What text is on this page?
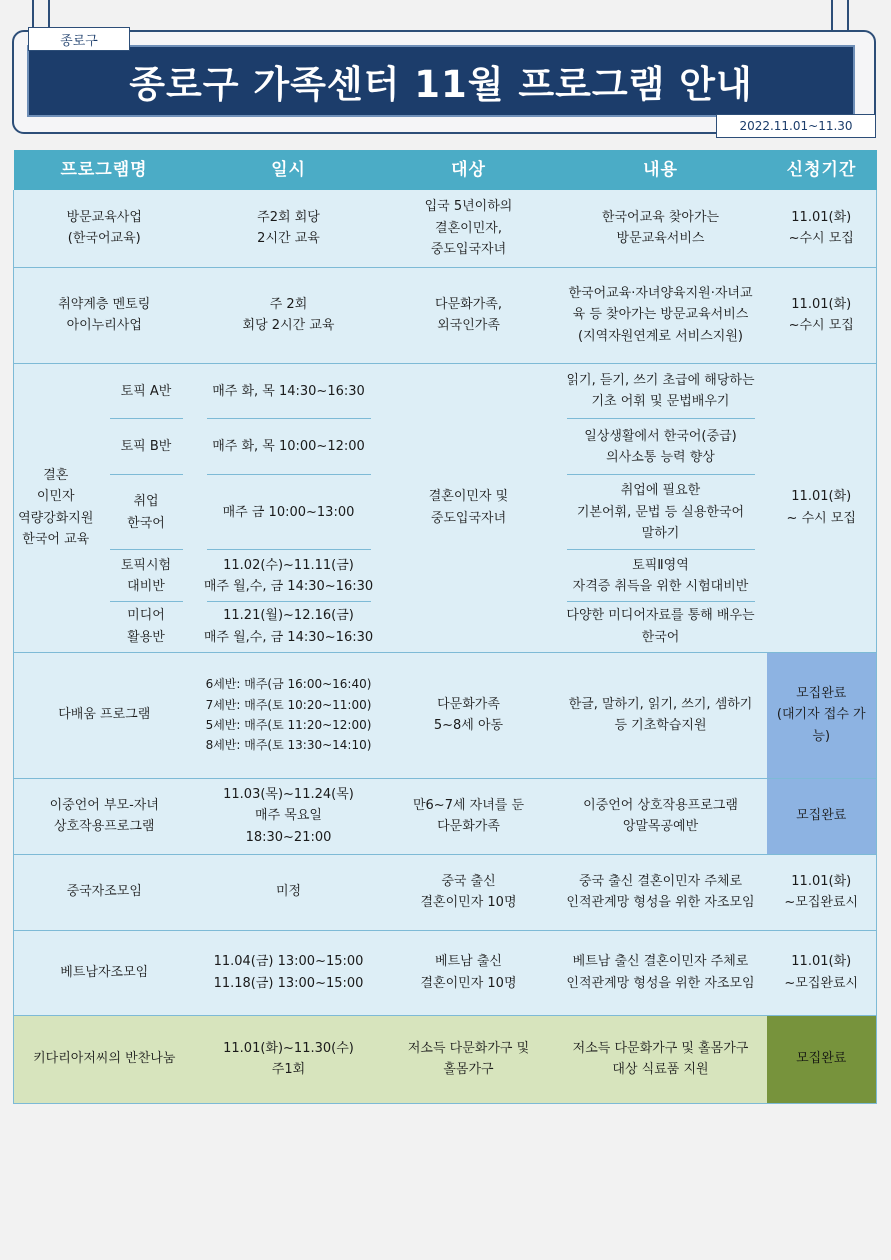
종로구 가족센터 11월 프로그램 안내
종로구
2022.11.01~11.30
프로그램명		일시	대상	내용	신청기간
방문교육사업
(한국어교육)		주2회 회당
2시간 교육	입국 5년이하의
결혼이민자,
중도입국자녀	한국어교육 찾아가는
방문교육서비스	11.01(화)
~수시 모집
취약계층 멘토링
아이누리사업		주 2회
회당 2시간 교육	다문화가족,
외국인가족	한국어교육·자녀양육지원·자녀교
육 등 찾아가는 방문교육서비스
(지역자원연계로 서비스지원)	11.01(화)
~수시 모집
결혼
이민자
역량강화지원
한국어 교육	토픽 A반	매주 화, 목 14:30~16:30	결혼이민자 및
중도입국자녀	읽기, 듣기, 쓰기 초급에 해당하는
기초 어휘 및 문법배우기	11.01(화)
~ 수시 모집
	토픽 B반	매주 화, 목 10:00~12:00		일상생활에서 한국어(중급)
의사소통 능력 향상	
	취업
한국어	매주 금 10:00~13:00		취업에 필요한
기본어휘, 문법 등 실용한국어
말하기	
	토픽시험
대비반	11.02(수)~11.11(금)
매주 월,수, 금 14:30~16:30		토픽Ⅱ영역
자격증 취득을 위한 시험대비반	
	미디어
활용반	11.21(월)~12.16(금)
매주 월,수, 금 14:30~16:30		다양한 미디어자료를 통해 배우는
한국어	
다배움 프로그램		6세반: 매주(금 16:00~16:40)
7세반: 매주(토 10:20~11:00)
5세반: 매주(토 11:20~12:00)
8세반: 매주(토 13:30~14:10)	다문화가족
5~8세 아동	한글, 말하기, 읽기, 쓰기, 셈하기
등 기초학습지원	모집완료
(대기자 접수 가능)
이중언어 부모-자녀
상호작용프로그램		11.03(목)~11.24(목)
매주 목요일
18:30~21:00	만6~7세 자녀를 둔
다문화가족	이중언어 상호작용프로그램
앙말목공예반	모집완료
중국자조모임		미정	중국 출신
결혼이민자 10명	중국 출신 결혼이민자 주체로
인적관계망 형성을 위한 자조모임	11.01(화)
~모집완료시
베트남자조모임		11.04(금) 13:00~15:00
11.18(금) 13:00~15:00	베트남 출신
결혼이민자 10명	베트남 출신 결혼이민자 주체로
인적관계망 형성을 위한 자조모임	11.01(화)
~모집완료시
키다리아저씨의 반찬나눔		11.01(화)~11.30(수)
주1회	저소득 다문화가구 및
홀몸가구	저소득 다문화가구 및 홀몸가구
대상 식료품 지원	모집완료
